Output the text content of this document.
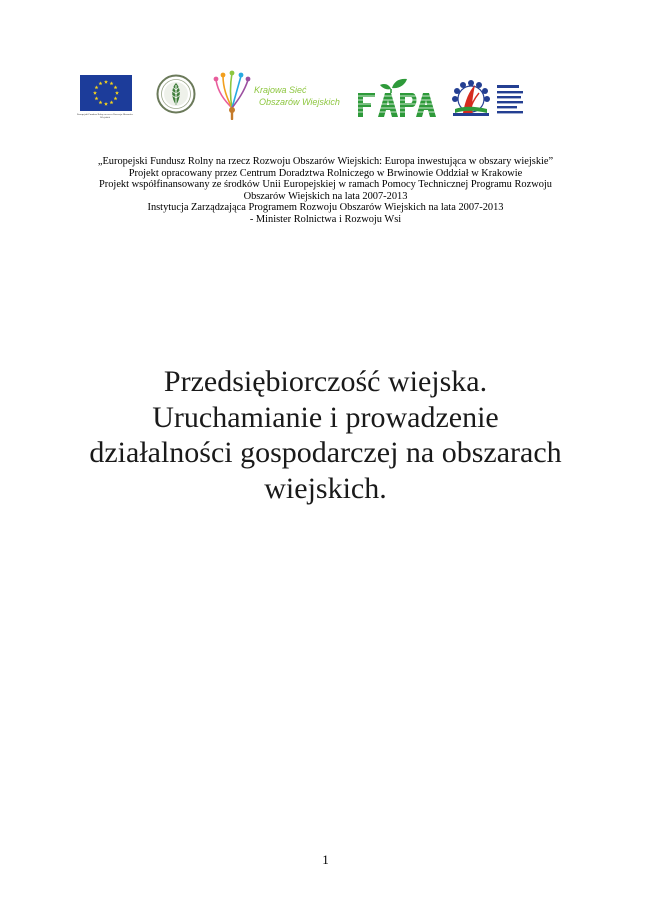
Europejski Fundusz Rolny na rzecz Rozwoju Obszarów Wiejskich
Krajowa Sieć
Obszarów Wiejskich
„Europejski Fundusz Rolny na rzecz Rozwoju Obszarów Wiejskich: Europa inwestująca w obszary wiejskie”
Projekt opracowany przez Centrum Doradztwa Rolniczego w Brwinowie Oddział w Krakowie
Projekt współfinansowany ze środków Unii Europejskiej w ramach Pomocy Technicznej Programu Rozwoju
Obszarów Wiejskich na lata 2007-2013
Instytucja Zarządzająca Programem Rozwoju Obszarów Wiejskich na lata 2007-2013
- Minister Rolnictwa i Rozwoju Wsi
Przedsiębiorczość wiejska.
Uruchamianie i prowadzenie
działalności gospodarczej na obszarach
wiejskich.
1
